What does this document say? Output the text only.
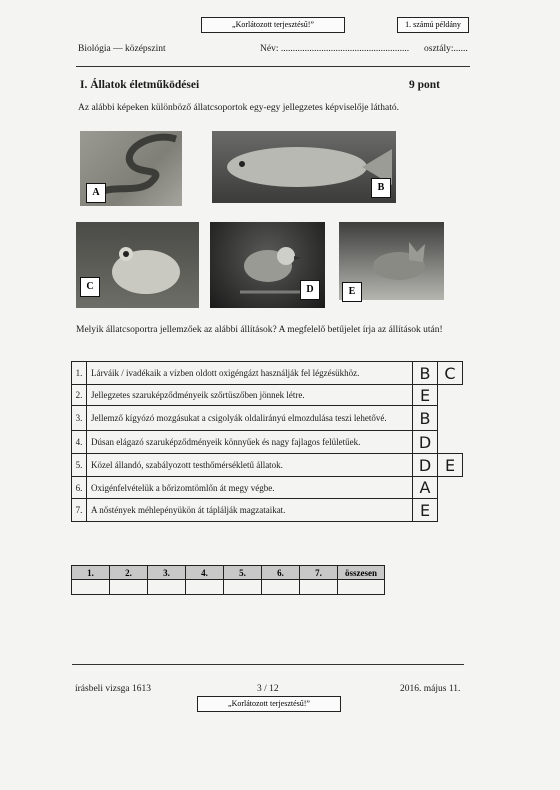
„Korlátozott terjesztésű!”	1. számú példány
Biológia — középszint	Név: ...................................................... osztály:......
I. Állatok életműködései	9 pont
Az alábbi képeken különböző állatcsoportok egy-egy jellegzetes képviselője látható.
A	B
C	D	E
Melyik állatcsoportra jellemzőek az alábbi állítások? A megfelelő betűjelet írja az állítások után!
1.	Lárváik / ivadékaik a vízben oldott oxigéngázt használják fel légzésükhöz.	B	C
2.	Jellegzetes szaruképződményeik szőrtüszőben jönnek létre.	E	
3.	Jellemző kígyózó mozgásukat a csigolyák oldalirányú elmozdulása teszi lehetővé.	B	
4.	Dúsan elágazó szaruképződményeik könnyűek és nagy fajlagos felületűek.	D	
5.	Közel állandó, szabályozott testhőmérsékletű állatok.	D	E
6.	Oxigénfelvételük a bőrizomtömlőn át megy végbe.	A	
7.	A nőstények méhlepényükön át táplálják magzataikat.	E	
1.	2.	3.	4.	5.	6.	7.	összesen

írásbeli vizsga 1613	3 / 12	2016. május 11.
„Korlátozott terjesztésű!”
